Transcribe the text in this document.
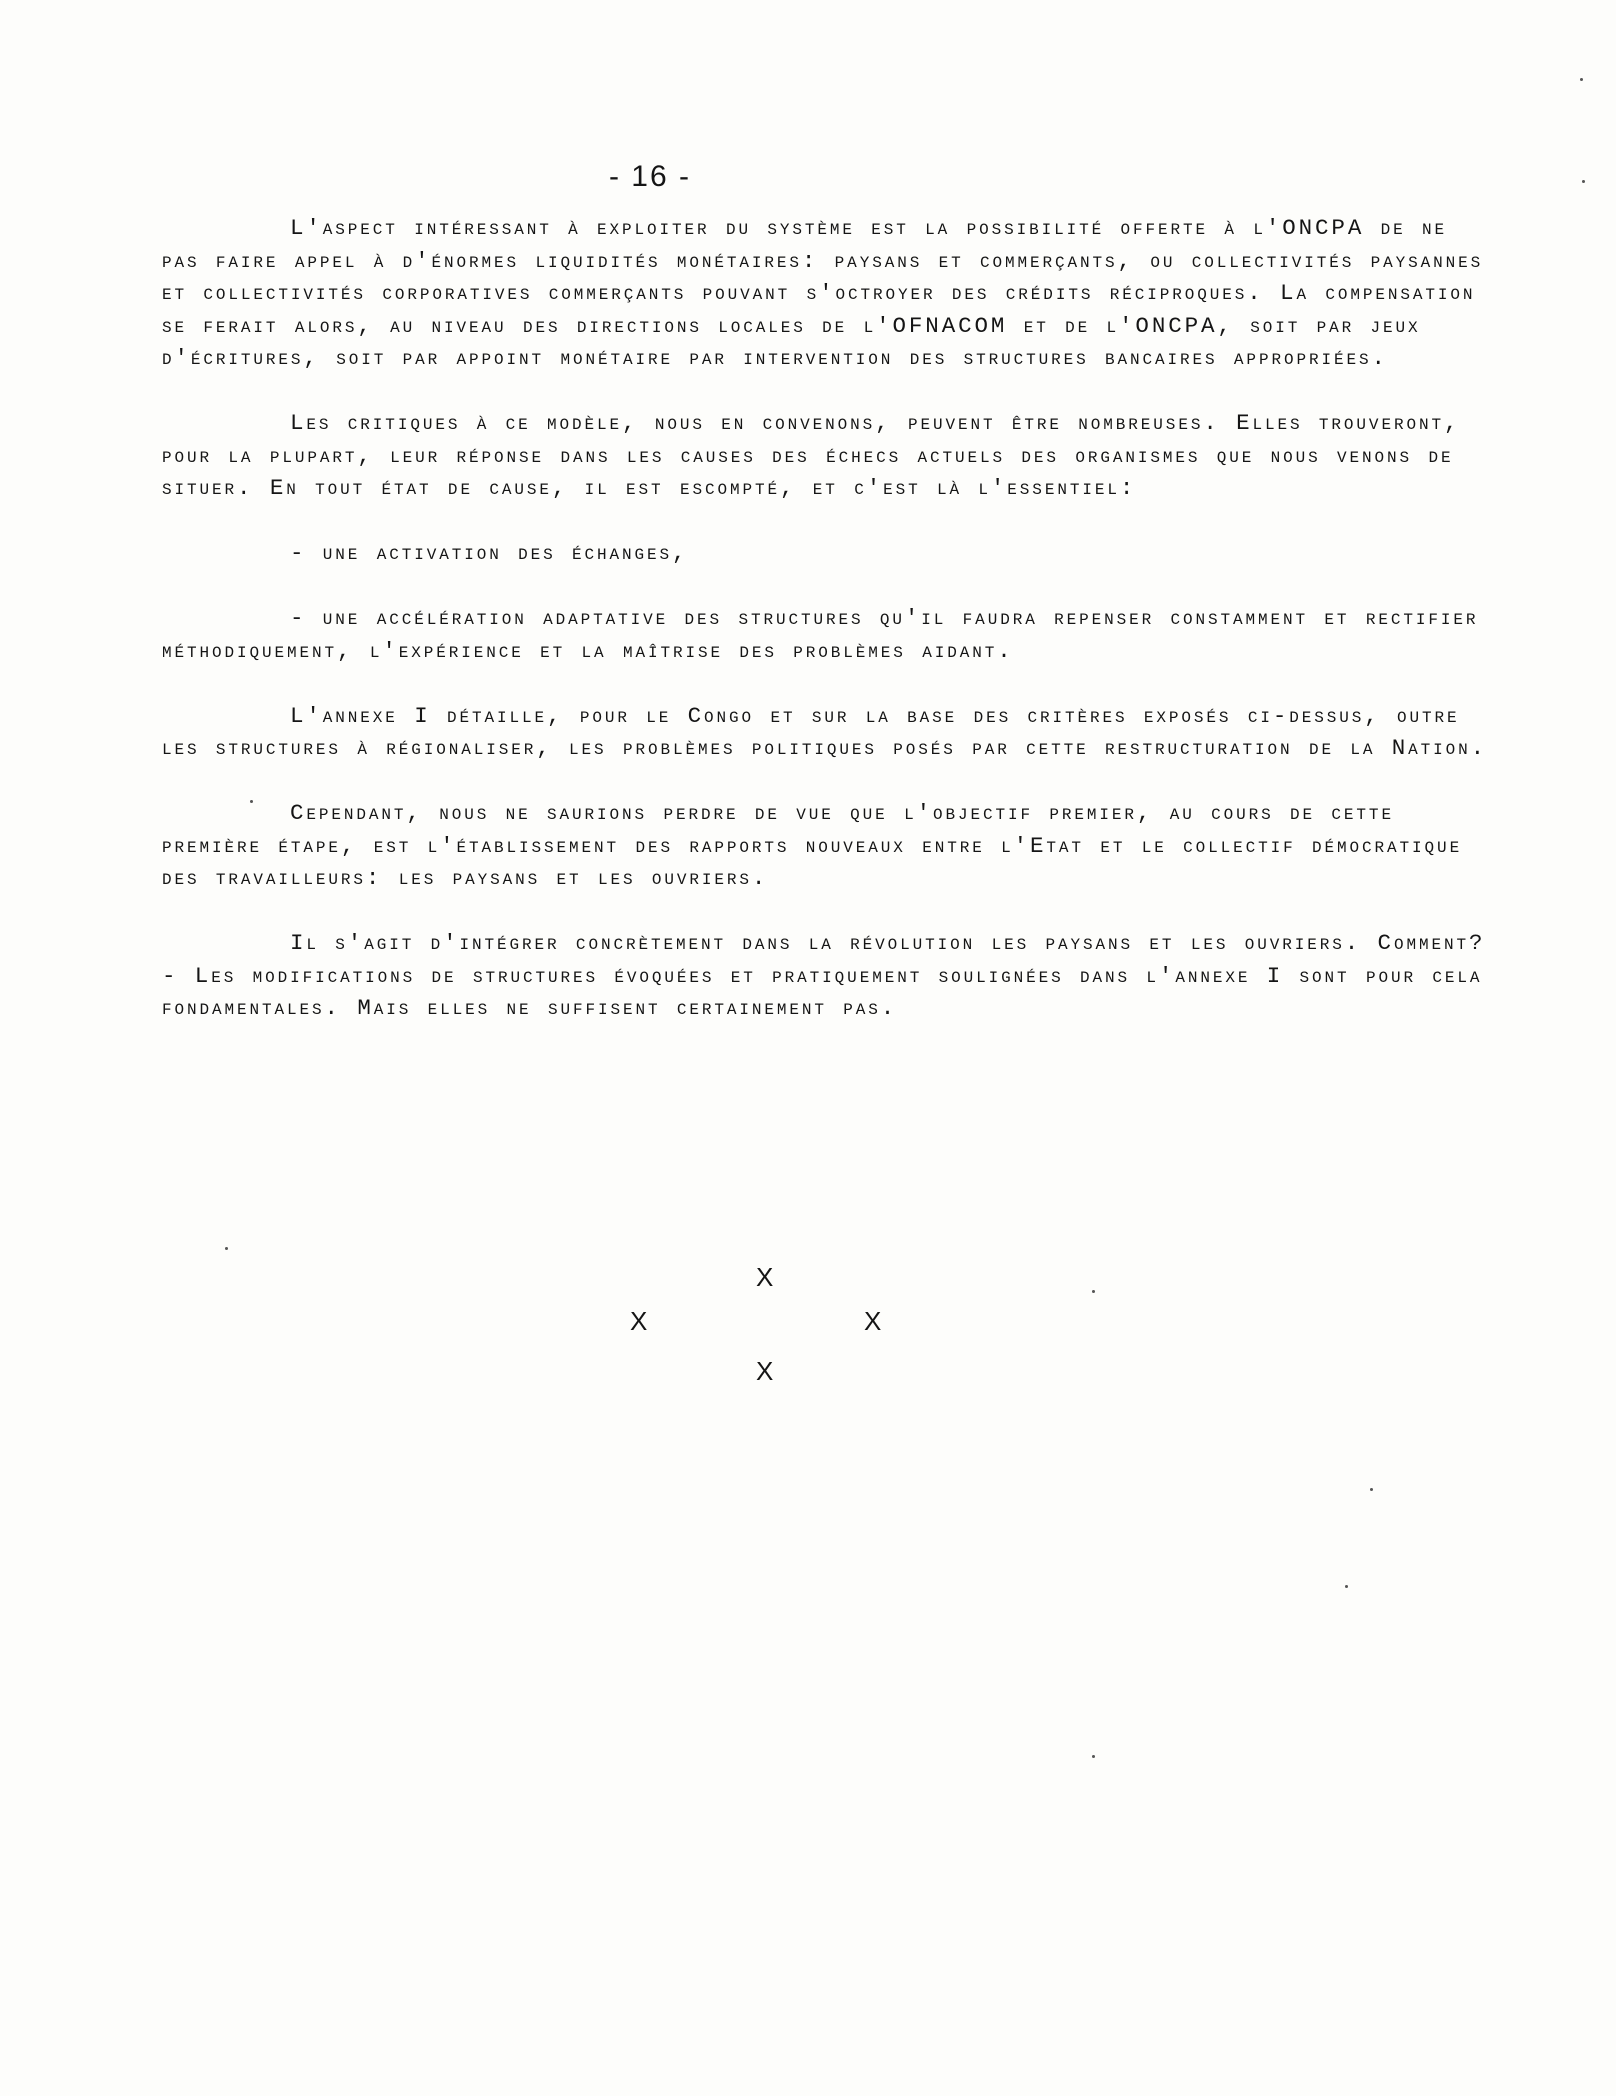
- 16 -

L'aspect intéressant à exploiter du système est la possibilité offerte à l'ONCPA de ne pas faire appel à d'énormes liquidités monétaires: paysans et commerçants, ou collectivités paysannes et collectivités corporatives commerçants pouvant s'octroyer des crédits réciproques. La compensation se ferait alors, au niveau des directions locales de l'OFNACOM et de l'ONCPA, soit par jeux d'écritures, soit par appoint monétaire par intervention des structures bancaires appropriées.

Les critiques à ce modèle, nous en convenons, peuvent être nombreuses. Elles trouveront, pour la plupart, leur réponse dans les causes des échecs actuels des organismes que nous venons de situer. En tout état de cause, il est escompté, et c'est là l'essentiel:

- une activation des échanges,

- une accélération adaptative des structures qu'il faudra repenser constamment et rectifier méthodiquement, l'expérience et la maîtrise des problèmes aidant.

L'annexe I détaille, pour le Congo et sur la base des critères exposés ci-dessus, outre les structures à régionaliser, les problèmes politiques posés par cette restructuration de la Nation.

Cependant, nous ne saurions perdre de vue que l'objectif premier, au cours de cette première étape, est l'établissement des rapports nouveaux entre l'Etat et le collectif démocratique des travailleurs: les paysans et les ouvriers.

Il s'agit d'intégrer concrètement dans la révolution les paysans et les ouvriers. Comment? - Les modifications de structures évoquées et pratiquement soulignées dans l'annexe I sont pour cela fondamentales. Mais elles ne suffisent certainement pas.

X
X	X
X
